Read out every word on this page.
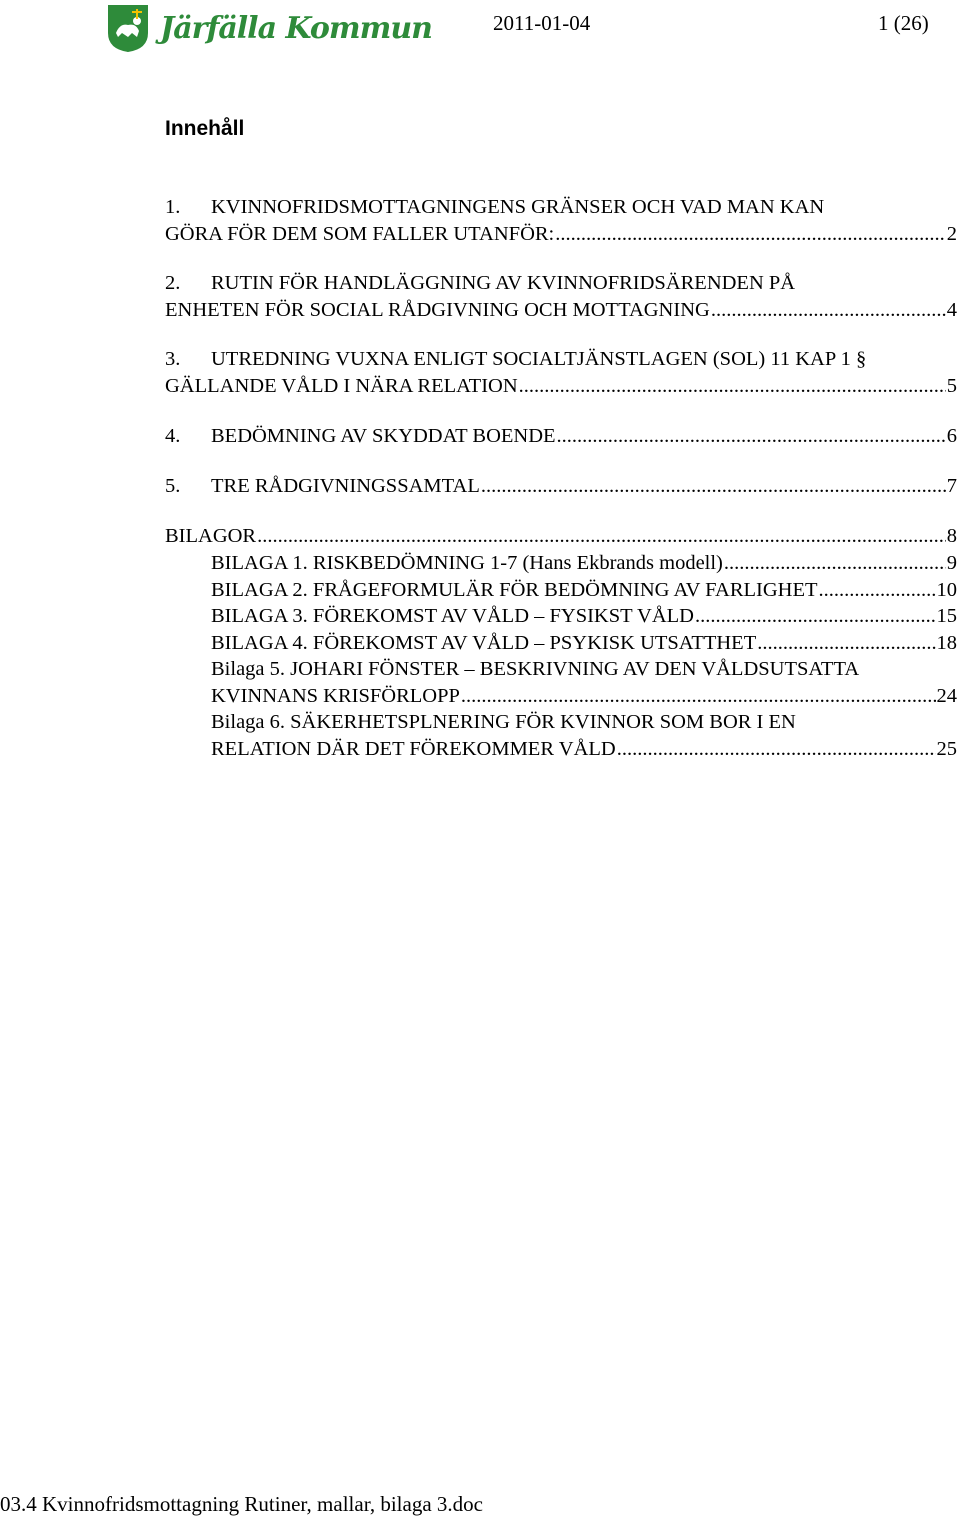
Järfälla Kommun	2011-01-04	1 (26)
Innehåll
1.	KVINNOFRIDSMOTTAGNINGENS GRÄNSER OCH VAD MAN KAN
GÖRA FÖR DEM SOM FALLER UTANFÖR: .....	2
2.	RUTIN FÖR HANDLÄGGNING AV KVINNOFRIDSÄRENDEN PÅ
ENHETEN FÖR SOCIAL RÅDGIVNING OCH MOTTAGNING .....	4
3.	UTREDNING VUXNA ENLIGT SOCIALTJÄNSTLAGEN (SOL) 11 KAP 1 §
GÄLLANDE VÅLD I NÄRA RELATION .....	5
4.	BEDÖMNING AV SKYDDAT BOENDE .....	6
5.	TRE RÅDGIVNINGSSAMTAL .....	7
BILAGOR .....	8
BILAGA 1. RISKBEDÖMNING 1-7 (Hans Ekbrands modell) .....	9
BILAGA 2. FRÅGEFORMULÄR FÖR BEDÖMNING AV FARLIGHET .....	10
BILAGA 3. FÖREKOMST AV VÅLD – FYSIKST VÅLD .....	15
BILAGA 4. FÖREKOMST AV VÅLD – PSYKISK UTSATTHET .....	18
Bilaga 5. JOHARI FÖNSTER – BESKRIVNING AV DEN VÅLDSUTSATTA
KVINNANS KRISFÖRLOPP .....	24
Bilaga 6. SÄKERHETSPLNERING FÖR KVINNOR SOM BOR I EN
RELATION DÄR DET FÖREKOMMER VÅLD .....	25
03.4 Kvinnofridsmottagning Rutiner, mallar, bilaga 3.doc
